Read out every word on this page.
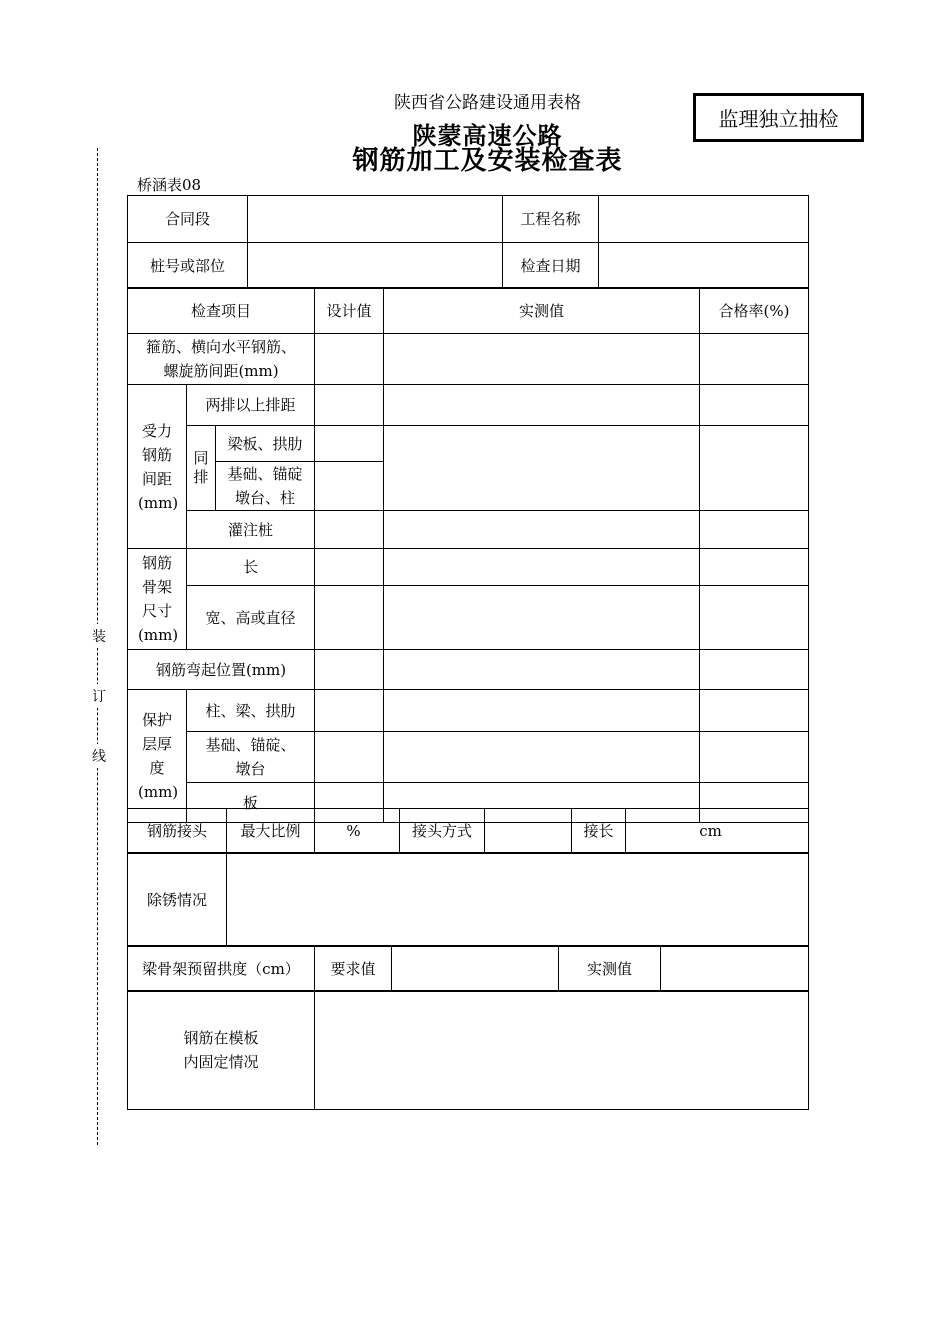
陕西省公路建设通用表格
陕蒙高速公路
钢筋加工及安装检查表
监理独立抽检
桥涵表08
装
订
线
合同段		工程名称	
桩号或部位		检查日期	
检查项目			设计值	实测值	合格率(%)
箍筋、横向水平钢筋、螺旋筋间距(mm)					
受力钢筋间距(mm)	两排以上排距				
	同排	梁板、拱肋			
		基础、锚碇墩台、柱			
	灌注桩				
钢筋骨架尺寸(mm)	长				
	宽、高或直径				
钢筋弯起位置(mm)					
保护层厚度(mm)	柱、梁、拱肋				
	基础、锚碇、墩台				
	板				
钢筋接头	最大比例	%	接头方式		接长	cm
除锈情况	
梁骨架预留拱度（cm）	要求值		实测值	
钢筋在模板内固定情况	
